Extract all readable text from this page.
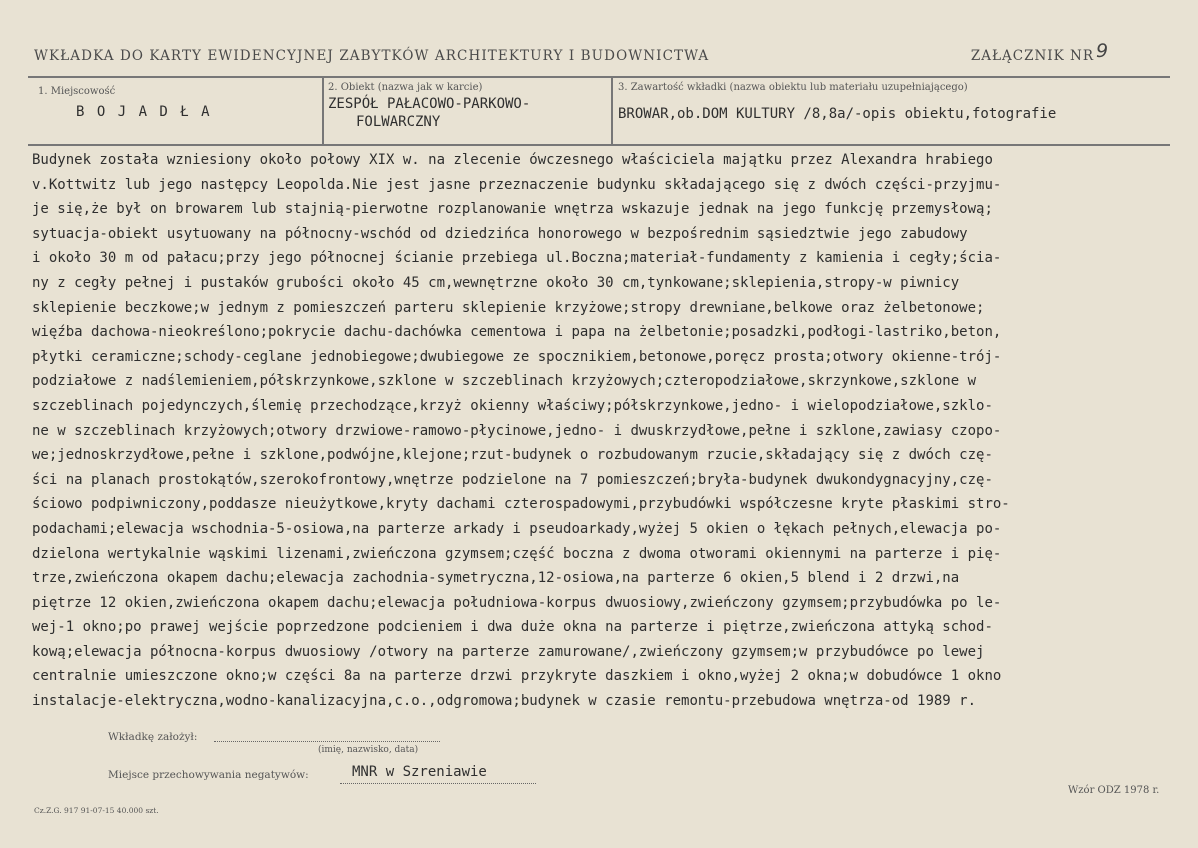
WKŁADKA DO KARTY EWIDENCYJNEJ ZABYTKÓW ARCHITEKTURY I BUDOWNICTWA	ZAŁĄCZNIK NR 9
1. Miejscowość
B O J A D Ł A
2. Obiekt (nazwa jak w karcie)
ZESPÓŁ PAŁACOWO-PARKOWO-
FOLWARCZNY
3. Zawartość wkładki (nazwa obiektu lub materiału uzupełniającego)
BROWAR,ob.DOM KULTURY /8,8a/-opis obiektu,fotografie
Budynek została wzniesiony około połowy XIX w. na zlecenie ówczesnego właściciela majątku przez Alexandra hrabiego
v.Kottwitz lub jego następcy Leopolda.Nie jest jasne przeznaczenie budynku składającego się z dwóch części-przyjmu-
je się,że był on browarem lub stajnią-pierwotne rozplanowanie wnętrza wskazuje jednak na jego funkcję przemysłową;
sytuacja-obiekt usytuowany na północny-wschód od dziedzińca honorowego w bezpośrednim sąsiedztwie jego zabudowy
i około 30 m od pałacu;przy jego północnej ścianie przebiega ul.Boczna;materiał-fundamenty z kamienia i cegły;ścia-
ny z cegły pełnej i pustaków grubości około 45 cm,wewnętrzne około 30 cm,tynkowane;sklepienia,stropy-w piwnicy
sklepienie beczkowe;w jednym z pomieszczeń parteru sklepienie krzyżowe;stropy drewniane,belkowe oraz żelbetonowe;
więźba dachowa-nieokreślono;pokrycie dachu-dachówka cementowa i papa na żelbetonie;posadzki,podłogi-lastriko,beton,
płytki ceramiczne;schody-ceglane jednobiegowe;dwubiegowe ze spocznikiem,betonowe,poręcz prosta;otwory okienne-trój-
podziałowe z nadślemieniem,półskrzynkowe,szklone w szczeblinach krzyżowych;czteropodziałowe,skrzynkowe,szklone w
szczeblinach pojedynczych,ślemię przechodzące,krzyż okienny właściwy;półskrzynkowe,jedno- i wielopodziałowe,szklo-
ne w szczeblinach krzyżowych;otwory drzwiowe-ramowo-płycinowe,jedno- i dwuskrzydłowe,pełne i szklone,zawiasy czopo-
we;jednoskrzydłowe,pełne i szklone,podwójne,klejone;rzut-budynek o rozbudowanym rzucie,składający się z dwóch czę-
ści na planach prostokątów,szerokofrontowy,wnętrze podzielone na 7 pomieszczeń;bryła-budynek dwukondygnacyjny,czę-
ściowo podpiwniczony,poddasze nieużytkowe,kryty dachami czterospadowymi,przybudówki współczesne kryte płaskimi stro-
podachami;elewacja wschodnia-5-osiowa,na parterze arkady i pseudoarkady,wyżej 5 okien o łękach pełnych,elewacja po-
dzielona wertykalnie wąskimi lizenami,zwieńczona gzymsem;część boczna z dwoma otworami okiennymi na parterze i pię-
trze,zwieńczona okapem dachu;elewacja zachodnia-symetryczna,12-osiowa,na parterze 6 okien,5 blend i 2 drzwi,na
piętrze 12 okien,zwieńczona okapem dachu;elewacja południowa-korpus dwuosiowy,zwieńczony gzymsem;przybudówka po le-
wej-1 okno;po prawej wejście poprzedzone podcieniem i dwa duże okna na parterze i piętrze,zwieńczona attyką schod-
kową;elewacja północna-korpus dwuosiowy /otwory na parterze zamurowane/,zwieńczony gzymsem;w przybudówce po lewej
centralnie umieszczone okno;w części 8a na parterze drzwi przykryte daszkiem i okno,wyżej 2 okna;w dobudówce 1 okno
instalacje-elektryczna,wodno-kanalizacyjna,c.o.,odgromowa;budynek w czasie remontu-przebudowa wnętrza-od 1989 r.
Wkładkę założył:
(imię, nazwisko, data)
Miejsce przechowywania negatywów:	MNR w Szreniawie
Cz.Z.G. 917 91-07-15 40.000 szt.
Wzór ODZ 1978 r.
